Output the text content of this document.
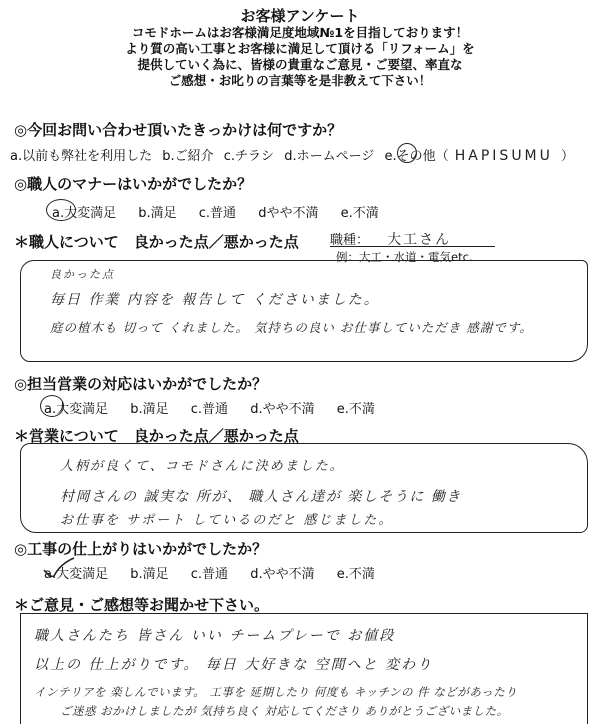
お客様アンケート
コモドホームはお客様満足度地域№1を目指しております！
より質の高い工事とお客様に満足して頂ける「リフォーム」を
提供していく為に、皆様の貴重なご意見・ご要望、率直な
ご感想・お叱りの言葉等を是非教えて下さい！
◎今回お問い合わせ頂いたきっかけは何ですか？
a.以前も弊社を利用した b.ご紹介 c.チラシ d.ホームページ e.その他（ HAPISUMU ）
◎職人のマナーはいかがでしたか？
a.大変満足 b.満足 c.普通 dやや不満 e.不満
＊職人について　良かった点／悪かった点 職種： 大工さん
例：大工・水道・電気etc.
良かった点
毎日 作業 内容を 報告して くださいました。
庭の植木も 切って くれました。 気持ちの良い お仕事していただき 感謝です。
◎担当営業の対応はいかがでしたか？
a.大変満足 b.満足 c.普通 d.やや不満 e.不満
＊営業について　良かった点／悪かった点
人柄が良くて、コモドさんに決めました。
村岡さんの 誠実な 所が、 職人さん達が 楽しそうに 働き
お仕事を サポート しているのだと 感じました。
◎工事の仕上がりはいかがでしたか？
a.大変満足 b.満足 c.普通 d.やや不満 e.不満
＊ご意見・ご感想等お聞かせ下さい。
職人さんたち 皆さん いい チームプレーで お値段
以上の 仕上がりです。 毎日 大好きな 空間へと 変わり
インテリアを 楽しんでいます。 工事を 延期したり 何度も キッチンの 件 などがあったり
ご迷惑 おかけしましたが 気持ち良く 対応してくださり ありがとうございました。
